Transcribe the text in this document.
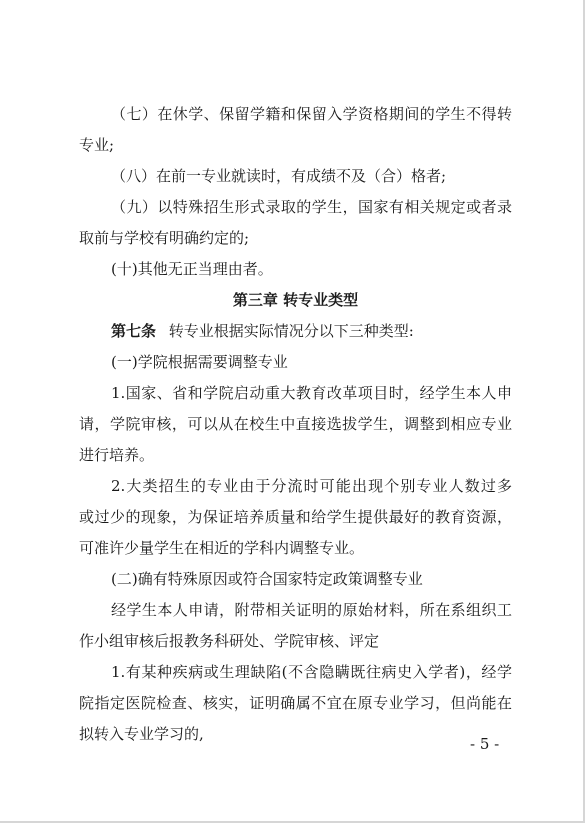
（七）在休学、保留学籍和保留入学资格期间的学生不得转
专业;
（八）在前一专业就读时，有成绩不及（合）格者;
（九）以特殊招生形式录取的学生，国家有相关规定或者录
取前与学校有明确约定的;
(十)其他无正当理由者。
第三章 转专业类型
第七条 转专业根据实际情况分以下三种类型:
(一)学院根据需要调整专业
1.国家、省和学院启动重大教育改革项目时，经学生本人申
请，学院审核，可以从在校生中直接选拔学生，调整到相应专业
进行培养。
2.大类招生的专业由于分流时可能出现个别专业人数过多
或过少的现象，为保证培养质量和给学生提供最好的教育资源，
可准许少量学生在相近的学科内调整专业。
(二)确有特殊原因或符合国家特定政策调整专业
经学生本人申请，附带相关证明的原始材料，所在系组织工
作小组审核后报教务科研处、学院审核、评定
1.有某种疾病或生理缺陷(不含隐瞒既往病史入学者)，经学
院指定医院检查、核实，证明确属不宜在原专业学习，但尚能在
拟转入专业学习的,
- 5 -
